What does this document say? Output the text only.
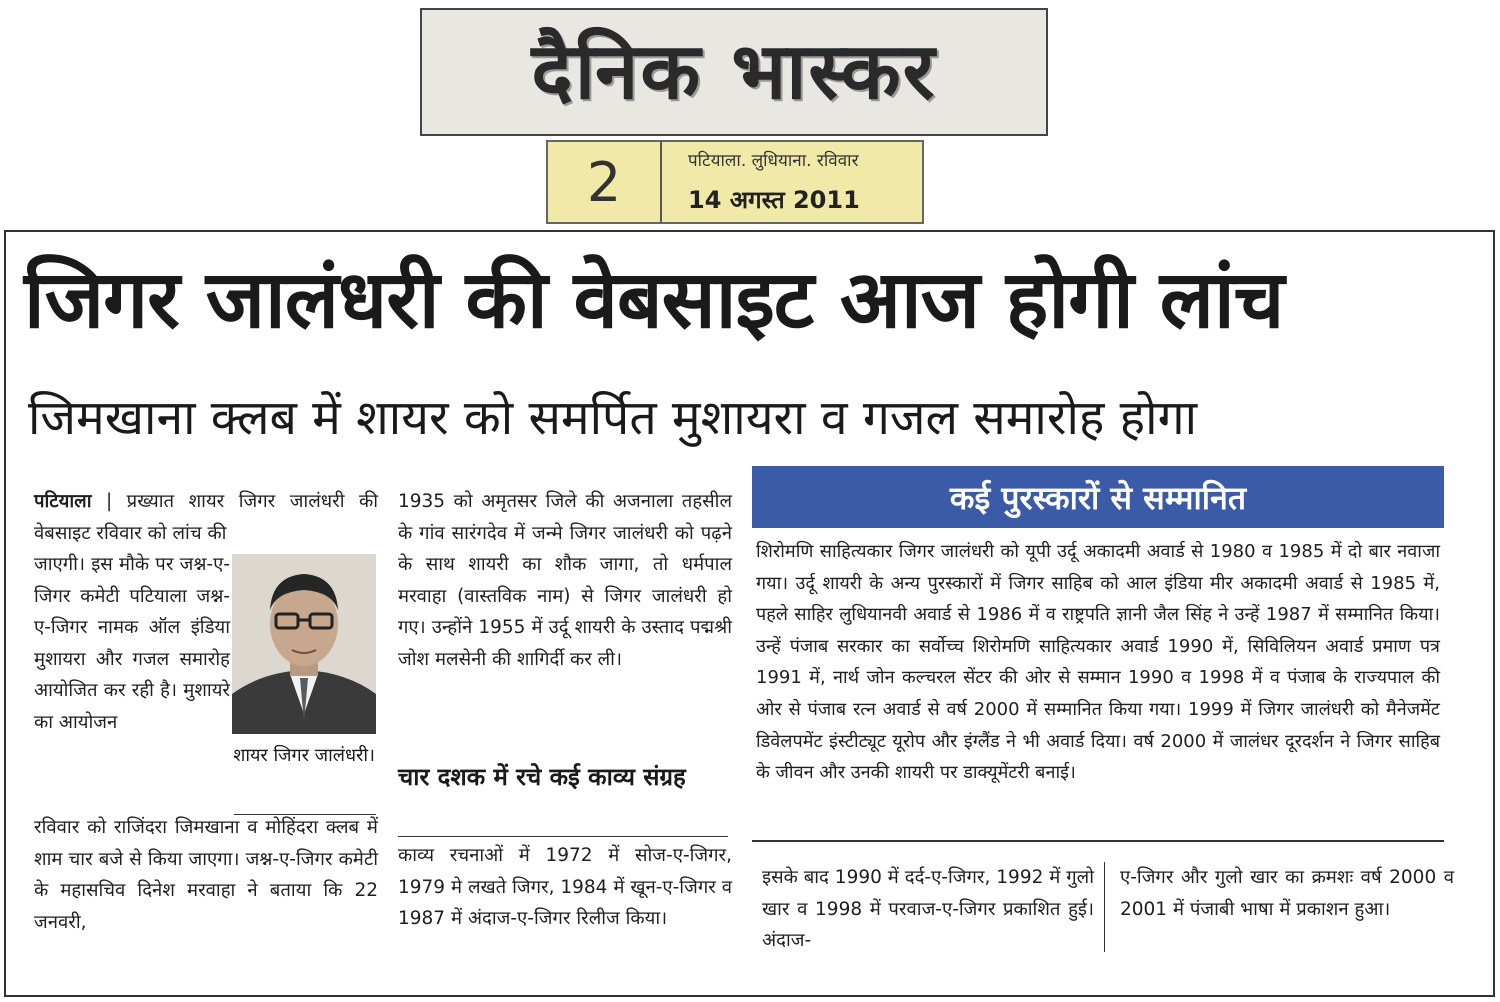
दैनिक भास्कर
2	पटियाला. लुधियाना. रविवार
14 अगस्त 2011
जिगर जालंधरी की वेबसाइट आज होगी लांच
जिमखाना क्लब में शायर को समर्पित मुशायरा व गजल समारोह होगा
पटियाला | प्रख्यात शायर जिगर जालंधरी की वेबसाइट रविवार को लांच की
जाएगी। इस मौके पर जश्न-ए-जिगर कमेटी पटियाला जश्न-ए-जिगर नामक ऑल इंडिया मुशायरा और गजल समारोह आयोजित कर रही है। मुशायरे का आयोजन
शायर जिगर जालंधरी।
रविवार को राजिंदरा जिमखाना व मोहिंदरा क्लब में शाम चार बजे से किया जाएगा। जश्न-ए-जिगर कमेटी के महासचिव दिनेश मरवाहा ने बताया कि 22 जनवरी,
1935 को अमृतसर जिले की अजनाला तहसील के गांव सारंगदेव में जन्मे जिगर जालंधरी को पढ़ने के साथ शायरी का शौक जागा, तो धर्मपाल मरवाहा (वास्तविक नाम) से जिगर जालंधरी हो गए। उन्होंने 1955 में उर्दू शायरी के उस्ताद पद्मश्री जोश मलसेनी की शागिर्दी कर ली।
चार दशक में रचे कई काव्य संग्रह
काव्य रचनाओं में 1972 में सोज-ए-जिगर, 1979 मे लखते जिगर, 1984 में खून-ए-जिगर व 1987 में अंदाज-ए-जिगर रिलीज किया।
कई पुरस्कारों से सम्मानित
शिरोमणि साहित्यकार जिगर जालंधरी को यूपी उर्दू अकादमी अवार्ड से 1980 व 1985 में दो बार नवाजा गया। उर्दू शायरी के अन्य पुरस्कारों में जिगर साहिब को आल इंडिया मीर अकादमी अवार्ड से 1985 में, पहले साहिर लुधियानवी अवार्ड से 1986 में व राष्ट्रपति ज्ञानी जैल सिंह ने उन्हें 1987 में सम्मानित किया। उन्हें पंजाब सरकार का सर्वोच्च शिरोमणि साहित्यकार अवार्ड 1990 में, सिविलियन अवार्ड प्रमाण पत्र 1991 में, नार्थ जोन कल्चरल सेंटर की ओर से सम्मान 1990 व 1998 में व पंजाब के राज्यपाल की ओर से पंजाब रत्न अवार्ड से वर्ष 2000 में सम्मानित किया गया। 1999 में जिगर जालंधरी को मैनेजमेंट डिवेलपमेंट इंस्टीट्यूट यूरोप और इंग्लैंड ने भी अवार्ड दिया। वर्ष 2000 में जालंधर दूरदर्शन ने जिगर साहिब के जीवन और उनकी शायरी पर डाक्यूमेंटरी बनाई।
इसके बाद 1990 में दर्द-ए-जिगर, 1992 में गुलो खार व 1998 में परवाज-ए-जिगर प्रकाशित हुई। अंदाज-
ए-जिगर और गुलो खार का क्रमशः वर्ष 2000 व 2001 में पंजाबी भाषा में प्रकाशन हुआ।
